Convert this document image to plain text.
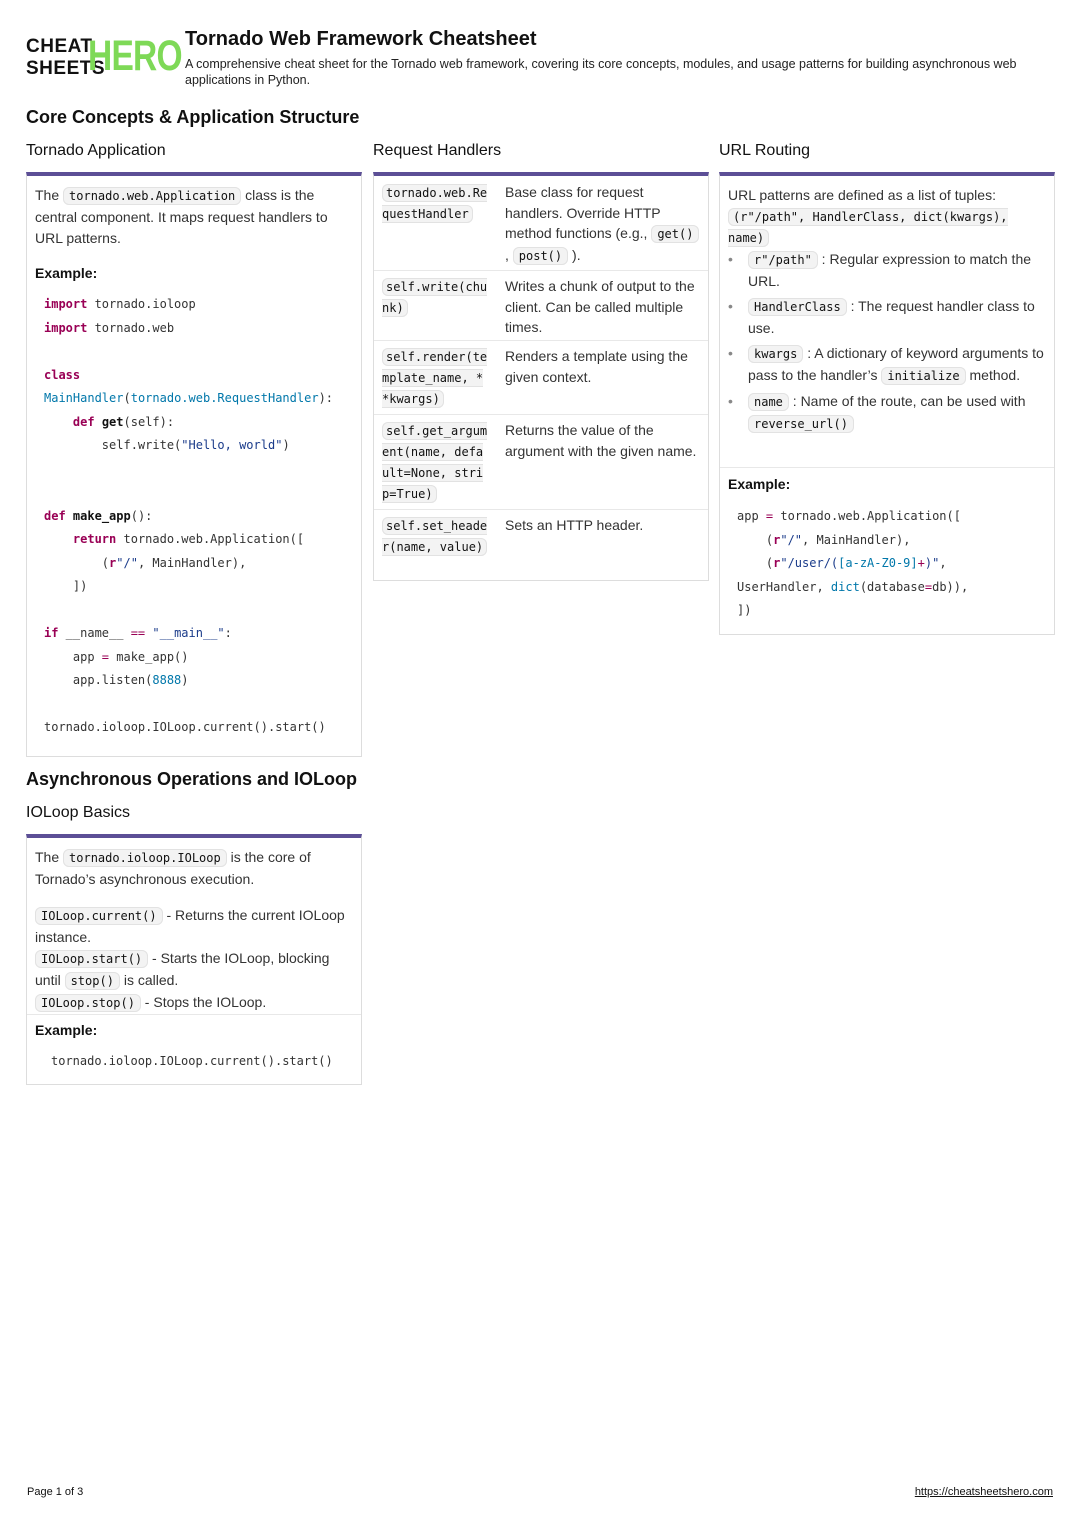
CHEAT
SHEETS
HERO Tornado Web Framework Cheatsheet
A comprehensive cheat sheet for the Tornado web framework, covering its core concepts, modules, and usage patterns for building asynchronous web applications in Python.
Core Concepts & Application Structure
Tornado Application	Request Handlers	URL Routing
The tornado.web.Application class is the central component. It maps request handlers to URL patterns.
Example:
import tornado.ioloop
import tornado.web

class
MainHandler(tornado.web.RequestHandler):
def get(self):
self.write("Hello, world")

def make_app():
return tornado.web.Application([
(r"/", MainHandler),
])

if __name__ == "__main__":
app = make_app()
app.listen(8888)

tornado.ioloop.IOLoop.current().start()
tornado.web.RequestHandler
Base class for request handlers. Override HTTP method functions (e.g., get() , post() ).
self.write(chunk)
Writes a chunk of output to the client. Can be called multiple times.
self.render(template_name, **kwargs)
Renders a template using the given context.
self.get_argument(name, default=None, strip=True)
Returns the value of the argument with the given name.
self.set_header(name, value)
Sets an HTTP header.
URL patterns are defined as a list of tuples:
(r"/path", HandlerClass, dict(kwargs), name)
• r"/path" : Regular expression to match the URL.
• HandlerClass : The request handler class to use.
• kwargs : A dictionary of keyword arguments to pass to the handler’s initialize method.
• name : Name of the route, can be used with reverse_url()
Example:
app = tornado.web.Application([
(r"/", MainHandler),
(r"/user/([a-zA-Z0-9]+)",
UserHandler, dict(database=db)),
])
Asynchronous Operations and IOLoop
IOLoop Basics
The tornado.ioloop.IOLoop is the core of Tornado’s asynchronous execution.
IOLoop.current() - Returns the current IOLoop instance.
IOLoop.start() - Starts the IOLoop, blocking until stop() is called.
IOLoop.stop() - Stops the IOLoop.
Example:
tornado.ioloop.IOLoop.current().start()
Page 1 of 3	https://cheatsheetshero.com
